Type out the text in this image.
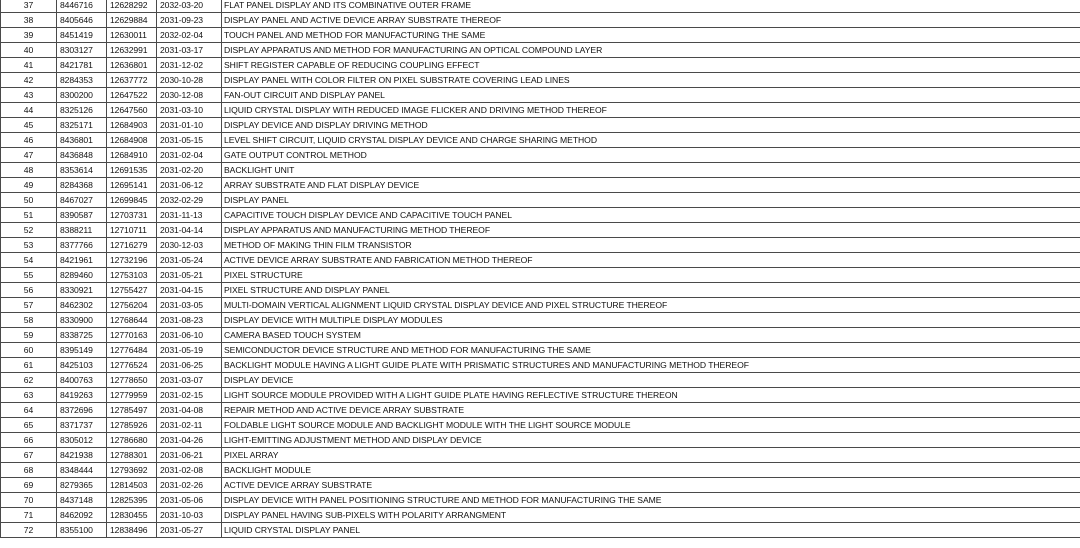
37	8446716	12628292	2032-03-20	FLAT PANEL DISPLAY AND ITS COMBINATIVE OUTER FRAME
38	8405646	12629884	2031-09-23	DISPLAY PANEL AND ACTIVE DEVICE ARRAY SUBSTRATE THEREOF
39	8451419	12630011	2032-02-04	TOUCH PANEL AND METHOD FOR MANUFACTURING THE SAME
40	8303127	12632991	2031-03-17	DISPLAY APPARATUS AND METHOD FOR MANUFACTURING AN OPTICAL COMPOUND LAYER
41	8421781	12636801	2031-12-02	SHIFT REGISTER CAPABLE OF REDUCING COUPLING EFFECT
42	8284353	12637772	2030-10-28	DISPLAY PANEL WITH COLOR FILTER ON PIXEL SUBSTRATE COVERING LEAD LINES
43	8300200	12647522	2030-12-08	FAN-OUT CIRCUIT AND DISPLAY PANEL
44	8325126	12647560	2031-03-10	LIQUID CRYSTAL DISPLAY WITH REDUCED IMAGE FLICKER AND DRIVING METHOD THEREOF
45	8325171	12684903	2031-01-10	DISPLAY DEVICE AND DISPLAY DRIVING METHOD
46	8436801	12684908	2031-05-15	LEVEL SHIFT CIRCUIT, LIQUID CRYSTAL DISPLAY DEVICE AND CHARGE SHARING METHOD
47	8436848	12684910	2031-02-04	GATE OUTPUT CONTROL METHOD
48	8353614	12691535	2031-02-20	BACKLIGHT UNIT
49	8284368	12695141	2031-06-12	ARRAY SUBSTRATE AND FLAT DISPLAY DEVICE
50	8467027	12699845	2032-02-29	DISPLAY PANEL
51	8390587	12703731	2031-11-13	CAPACITIVE TOUCH DISPLAY DEVICE AND CAPACITIVE TOUCH PANEL
52	8388211	12710711	2031-04-14	DISPLAY APPARATUS AND MANUFACTURING METHOD THEREOF
53	8377766	12716279	2030-12-03	METHOD OF MAKING THIN FILM TRANSISTOR
54	8421961	12732196	2031-05-24	ACTIVE DEVICE ARRAY SUBSTRATE AND FABRICATION METHOD THEREOF
55	8289460	12753103	2031-05-21	PIXEL STRUCTURE
56	8330921	12755427	2031-04-15	PIXEL STRUCTURE AND DISPLAY PANEL
57	8462302	12756204	2031-03-05	MULTI-DOMAIN VERTICAL ALIGNMENT LIQUID CRYSTAL DISPLAY DEVICE AND PIXEL STRUCTURE THEREOF
58	8330900	12768644	2031-08-23	DISPLAY DEVICE WITH MULTIPLE DISPLAY MODULES
59	8338725	12770163	2031-06-10	CAMERA BASED TOUCH SYSTEM
60	8395149	12776484	2031-05-19	SEMICONDUCTOR DEVICE STRUCTURE AND METHOD FOR MANUFACTURING THE SAME
61	8425103	12776524	2031-06-25	BACKLIGHT MODULE HAVING A LIGHT GUIDE PLATE WITH PRISMATIC STRUCTURES AND MANUFACTURING METHOD THEREOF
62	8400763	12778650	2031-03-07	DISPLAY DEVICE
63	8419263	12779959	2031-02-15	LIGHT SOURCE MODULE PROVIDED WITH A LIGHT GUIDE PLATE HAVING REFLECTIVE STRUCTURE THEREON
64	8372696	12785497	2031-04-08	REPAIR METHOD AND ACTIVE DEVICE ARRAY SUBSTRATE
65	8371737	12785926	2031-02-11	FOLDABLE LIGHT SOURCE MODULE AND BACKLIGHT MODULE WITH THE LIGHT SOURCE MODULE
66	8305012	12786680	2031-04-26	LIGHT-EMITTING ADJUSTMENT METHOD AND DISPLAY DEVICE
67	8421938	12788301	2031-06-21	PIXEL ARRAY
68	8348444	12793692	2031-02-08	BACKLIGHT MODULE
69	8279365	12814503	2031-02-26	ACTIVE DEVICE ARRAY SUBSTRATE
70	8437148	12825395	2031-05-06	DISPLAY DEVICE WITH PANEL POSITIONING STRUCTURE AND METHOD FOR MANUFACTURING THE SAME
71	8462092	12830455	2031-10-03	DISPLAY PANEL HAVING SUB-PIXELS WITH POLARITY ARRANGMENT
72	8355100	12838496	2031-05-27	LIQUID CRYSTAL DISPLAY PANEL
